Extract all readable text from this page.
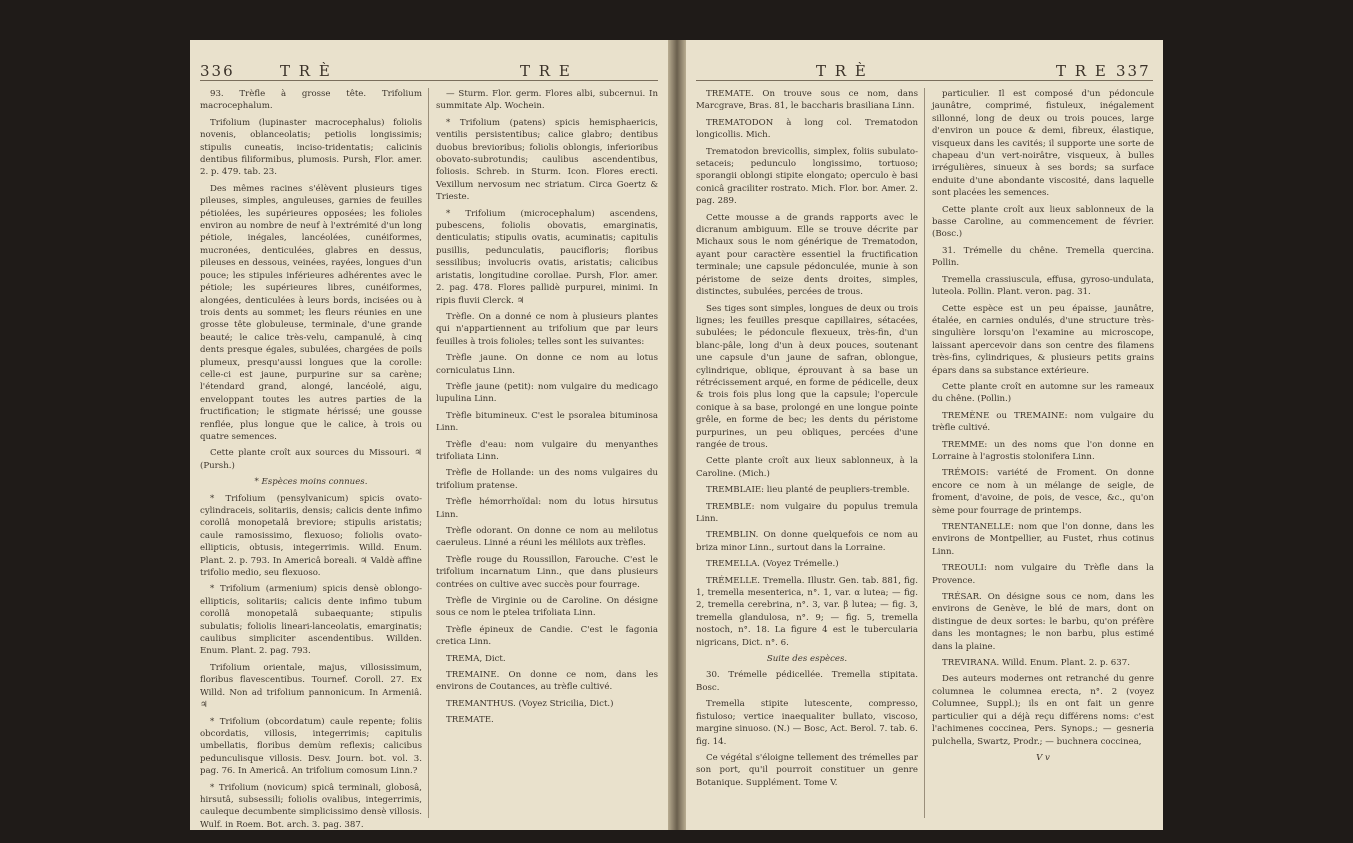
336	T R È	T R E

93. Trèfle à grosse tête. Trifolium macrocephalum.

Trifolium (lupinaster macrocephalus) foliolis novenis, oblanceolatis; petiolis longissimis; stipulis cuneatis, inciso-tridentatis; calicinis dentibus filiformibus, plumosis. Pursh, Flor. amer. 2. p. 479. tab. 23.

Des mêmes racines s'élèvent plusieurs tiges pileuses, simples, anguleuses, garnies de feuilles pétiolées, les supérieures opposées; les folioles environ au nombre de neuf à l'extrémité d'un long pétiole, inégales, lancéolées, cunéiformes, mucronées, denticulées, glabres en dessus, pileuses en dessous, veinées, rayées, longues d'un pouce; les stipules inférieures adhérentes avec le pétiole; les supérieures libres, cunéiformes, alongées, denticulées à leurs bords, incisées ou à trois dents au sommet; les fleurs réunies en une grosse tête globuleuse, terminale, d'une grande beauté; le calice très-velu, campanulé, à cinq dents presque égales, subulées, chargées de poils plumeux, presqu'aussi longues que la corolle: celle-ci est jaune, purpurine sur sa carène; l'étendard grand, alongé, lancéolé, aigu, enveloppant toutes les autres parties de la fructification; le stigmate hérissé; une gousse renflée, plus longue que le calice, à trois ou quatre semences.

Cette plante croît aux sources du Missouri. ♃ (Pursh.)

* Espèces moins connues.

* Trifolium (pensylvanicum) spicis ovato-cylindraceis, solitariis, densis; calicis dente infimo corollâ monopetalâ breviore; stipulis aristatis; caule ramosissimo, flexuoso; foliolis ovato-ellipticis, obtusis, integerrimis. Willd. Enum. Plant. 2. p. 793. In Americâ boreali. ♃ Valdè affine trifolio medio, seu flexuoso.

* Trifolium (armenium) spicis densè oblongo-ellipticis, solitariis; calicis dente infimo tubum corollâ monopetalâ subaequante; stipulis subulatis; foliolis lineari-lanceolatis, emarginatis; caulibus simpliciter ascendentibus. Willden. Enum. Plant. 2. pag. 793.

Trifolium orientale, majus, villosissimum, floribus flavescentibus. Tournef. Coroll. 27. Ex Willd. Non ad trifolium pannonicum. In Armeniâ. ♃

* Trifolium (obcordatum) caule repente; foliis obcordatis, villosis, integerrimis; capitulis umbellatis, floribus demùm reflexis; calicibus pedunculisque villosis. Desv. Journ. bot. vol. 3. pag. 76. In Americâ. An trifolium comosum Linn.?

* Trifolium (novicum) spicâ terminali, globosâ, hirsutâ, subsessili; foliolis ovalibus, integerrimis, cauleque decumbente simplicissimo densè villosis. Wulf. in Roem. Bot. arch. 3. pag. 387.

— Sturm. Flor. germ. Flores albi, subcernui. In summitate Alp. Wochein.

* Trifolium (patens) spicis hemisphaericis, ventilis persistentibus; calice glabro; dentibus duobus brevioribus; foliolis oblongis, inferioribus obovato-subrotundis; caulibus ascendentibus, foliosis. Schreb. in Sturm. Icon. Flores erecti. Vexillum nervosum nec striatum. Circa Goertz & Trieste.

* Trifolium (microcephalum) ascendens, pubescens, foliolis obovatis, emarginatis, denticulatis; stipulis ovatis, acuminatis; capitulis pusillis, pedunculatis, paucifloris; floribus sessilibus; involucris ovatis, aristatis; calicibus aristatis, longitudine corollae. Pursh, Flor. amer. 2. pag. 478. Flores pallidè purpurei, minimi. In ripis fluvii Clerck. ♃

Trèfle. On a donné ce nom à plusieurs plantes qui n'appartiennent au trifolium que par leurs feuilles à trois folioles; telles sont les suivantes:

Trèfle jaune. On donne ce nom au lotus corniculatus Linn.

Trèfle jaune (petit): nom vulgaire du medicago lupulina Linn.

Trèfle bitumineux. C'est le psoralea bituminosa Linn.

Trèfle d'eau: nom vulgaire du menyanthes trifoliata Linn.

Trèfle de Hollande: un des noms vulgaires du trifolium pratense.

Trèfle hémorrhoïdal: nom du lotus hirsutus Linn.

Trèfle odorant. On donne ce nom au melilotus caeruleus. Linné a réuni les mélilots aux trèfles.

Trèfle rouge du Roussillon, Farouche. C'est le trifolium incarnatum Linn., que dans plusieurs contrées on cultive avec succès pour fourrage.

Trèfle de Virginie ou de Caroline. On désigne sous ce nom le ptelea trifoliata Linn.

Trèfle épineux de Candie. C'est le fagonia cretica Linn.

TREMA, Dict.

TREMAINE. On donne ce nom, dans les environs de Coutances, au trèfle cultivé.

TREMANTHUS. (Voyez Stricilia, Dict.)

TREMATE.

T R È	T R E 337

TREMATE. On trouve sous ce nom, dans Marcgrave, Bras. 81, le baccharis brasiliana Linn.

TREMATODON à long col. Trematodon longicollis. Mich.

Trematodon brevicollis, simplex, foliis subulato-setaceis; pedunculo longissimo, tortuoso; sporangii oblongi stipite elongato; operculo è basi conicâ graciliter rostrato. Mich. Flor. bor. Amer. 2. pag. 289.

Cette mousse a de grands rapports avec le dicranum ambiguum. Elle se trouve décrite par Michaux sous le nom générique de Trematodon, ayant pour caractère essentiel la fructification terminale; une capsule pédonculée, munie à son péristome de seize dents droites, simples, distinctes, subulées, percées de trous.

Ses tiges sont simples, longues de deux ou trois lignes; les feuilles presque capillaires, sétacées, subulées; le pédoncule flexueux, très-fin, d'un blanc-pâle, long d'un à deux pouces, soutenant une capsule d'un jaune de safran, oblongue, cylindrique, oblique, éprouvant à sa base un rétrécissement arqué, en forme de pédicelle, deux & trois fois plus long que la capsule; l'opercule conique à sa base, prolongé en une longue pointe grêle, en forme de bec; les dents du péristome purpurines, un peu obliques, percées d'une rangée de trous.

Cette plante croît aux lieux sablonneux, à la Caroline. (Mich.)

TREMBLAIE: lieu planté de peupliers-tremble.

TREMBLE: nom vulgaire du populus tremula Linn.

TREMBLIN. On donne quelquefois ce nom au briza minor Linn., surtout dans la Lorraine.

TREMELLA. (Voyez Trémelle.)

TRÉMELLE. Tremella. Illustr. Gen. tab. 881, fig. 1, tremella mesenterica, n°. 1, var. α lutea; — fig. 2, tremella cerebrina, n°. 3, var. β lutea; — fig. 3, tremella glandulosa, n°. 9; — fig. 5, tremella nostoch, n°. 18. La figure 4 est le tubercularia nigricans, Dict. n°. 6.

Suite des espèces.

30. Trémelle pédicellée. Tremella stipitata. Bosc.

Tremella stipite lutescente, compresso, fistuloso; vertice inaequaliter bullato, viscoso, margine sinuoso. (N.) — Bosc, Act. Berol. 7. tab. 6. fig. 14.

Ce végétal s'éloigne tellement des trémelles par son port, qu'il pourroit constituer un genre Botanique. Supplément. Tome V.

particulier. Il est composé d'un pédoncule jaunâtre, comprimé, fistuleux, inégalement sillonné, long de deux ou trois pouces, large d'environ un pouce & demi, fibreux, élastique, visqueux dans les cavités; il supporte une sorte de chapeau d'un vert-noirâtre, visqueux, à bulles irrégulières, sinueux à ses bords; sa surface enduite d'une abondante viscosité, dans laquelle sont placées les semences.

Cette plante croît aux lieux sablonneux de la basse Caroline, au commencement de février. (Bosc.)

31. Trémelle du chêne. Tremella quercina. Pollin.

Tremella crassiuscula, effusa, gyroso-undulata, luteola. Pollin. Plant. veron. pag. 31.

Cette espèce est un peu épaisse, jaunâtre, étalée, en carnies ondulés, d'une structure très-singulière lorsqu'on l'examine au microscope, laissant apercevoir dans son centre des filamens très-fins, cylindriques, & plusieurs petits grains épars dans sa substance extérieure.

Cette plante croît en automne sur les rameaux du chêne. (Pollin.)

TREMÈNE ou TREMAINE: nom vulgaire du trèfle cultivé.

TREMME: un des noms que l'on donne en Lorraine à l'agrostis stolonifera Linn.

TRÉMOIS: variété de Froment. On donne encore ce nom à un mélange de seigle, de froment, d'avoine, de pois, de vesce, &c., qu'on sème pour fourrage de printemps.

TRENTANELLE: nom que l'on donne, dans les environs de Montpellier, au Fustet, rhus cotinus Linn.

TREOULI: nom vulgaire du Trèfle dans la Provence.

TRÉSAR. On désigne sous ce nom, dans les environs de Genève, le blé de mars, dont on distingue de deux sortes: le barbu, qu'on préfère dans les montagnes; le non barbu, plus estimé dans la plaine.

TREVIRANA. Willd. Enum. Plant. 2. p. 637.

Des auteurs modernes ont retranché du genre columnea le columnea erecta, n°. 2 (voyez Columnee, Suppl.); ils en ont fait un genre particulier qui a déjà reçu différens noms: c'est l'achimenes coccinea, Pers. Synops.; — gesneria pulchella, Swartz, Prodr.; — buchnera coccinea,

V v
